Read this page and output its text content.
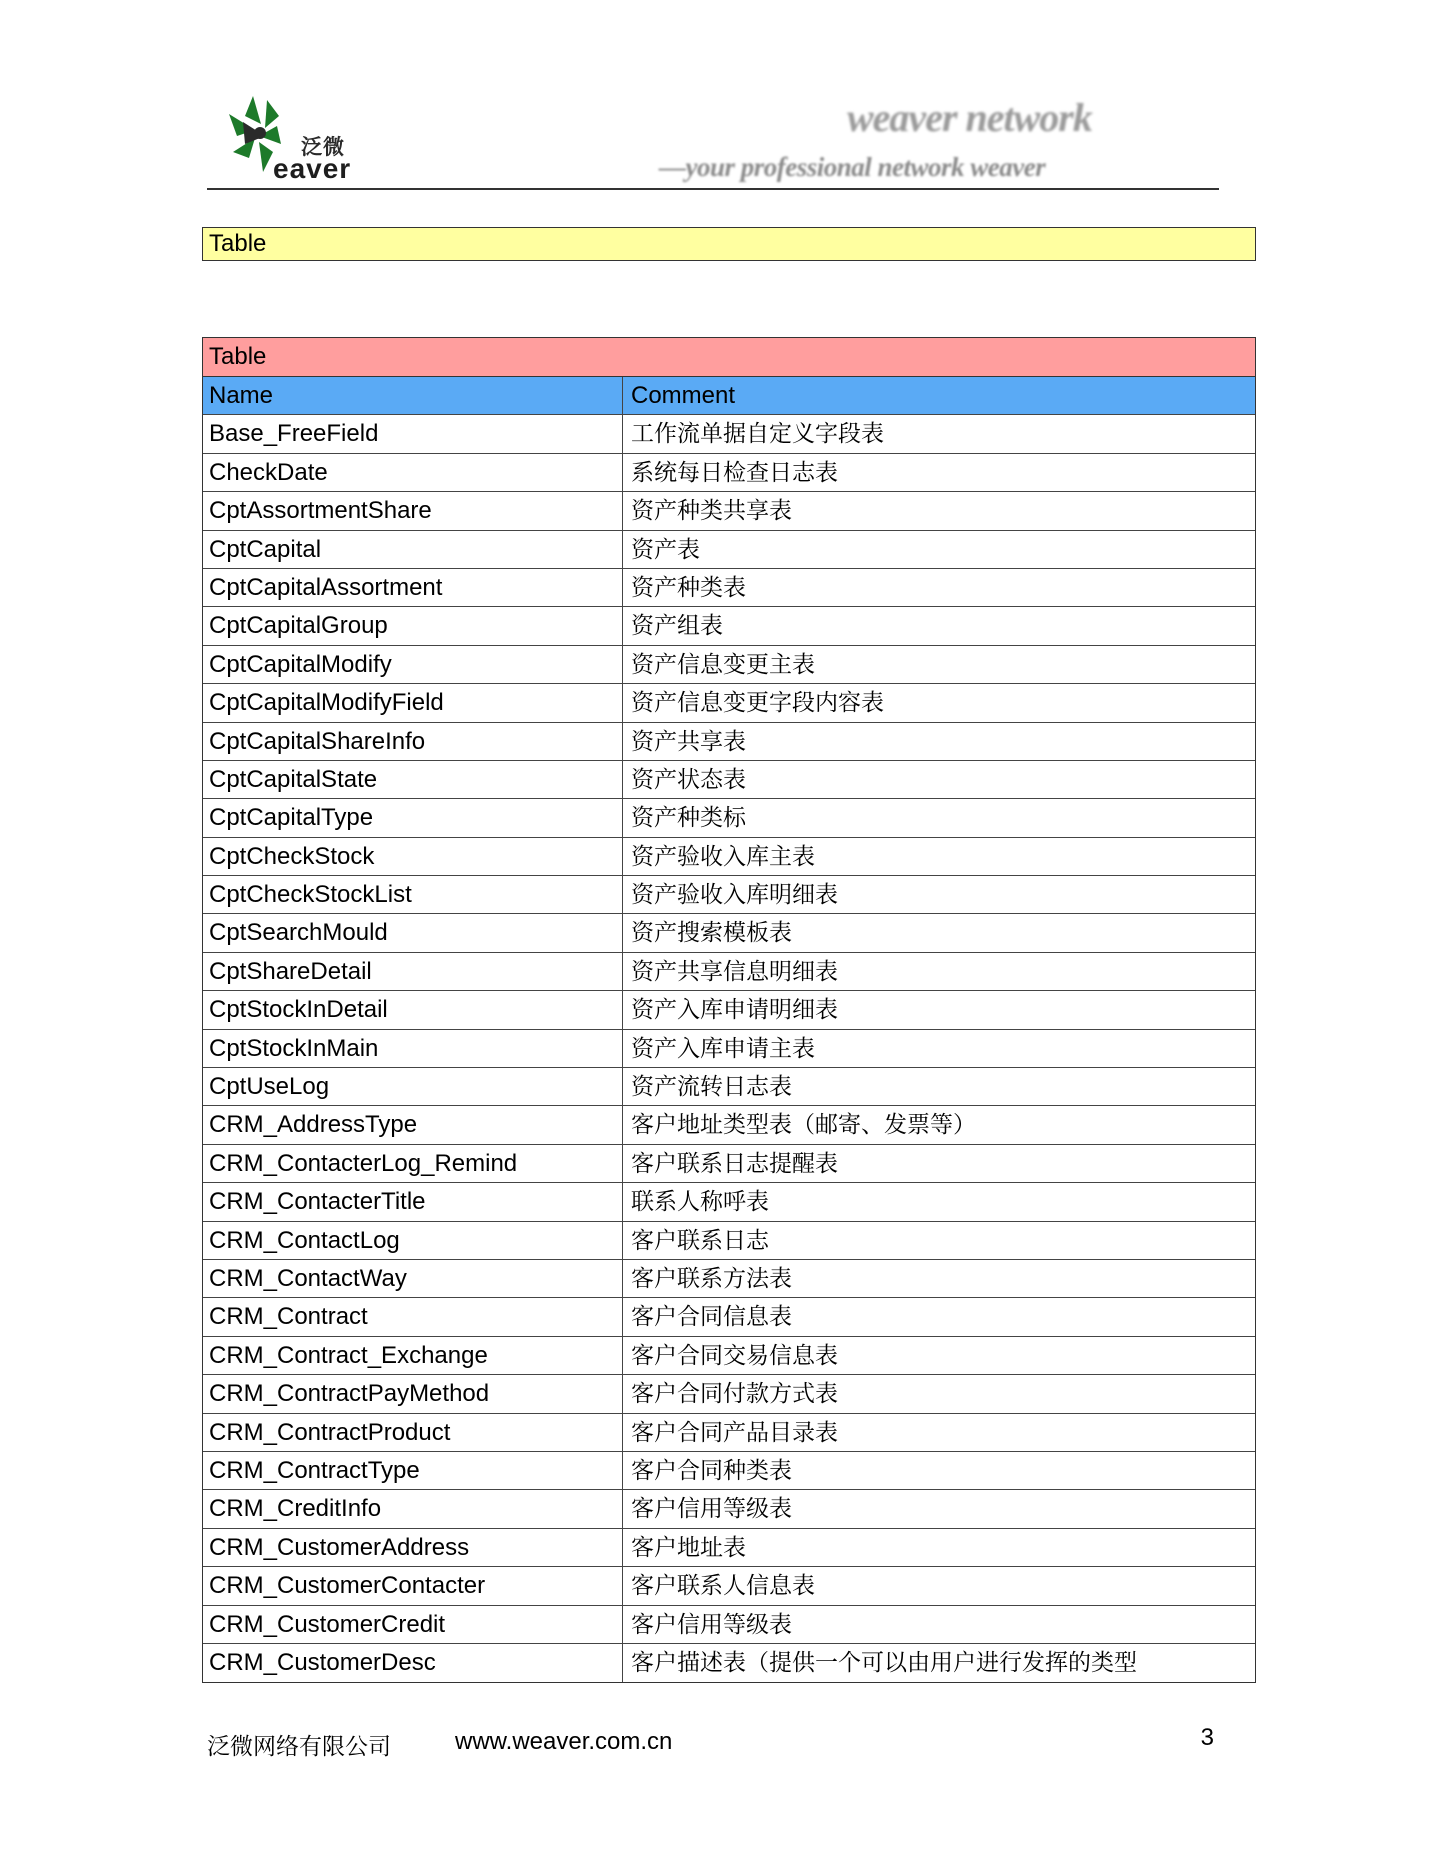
泛微
eaver
weaver network
—your professional network weaver
Table
Table
Name	Comment
Base_FreeField	工作流单据自定义字段表
CheckDate	系统每日检查日志表
CptAssortmentShare	资产种类共享表
CptCapital	资产表
CptCapitalAssortment	资产种类表
CptCapitalGroup	资产组表
CptCapitalModify	资产信息变更主表
CptCapitalModifyField	资产信息变更字段内容表
CptCapitalShareInfo	资产共享表
CptCapitalState	资产状态表
CptCapitalType	资产种类标
CptCheckStock	资产验收入库主表
CptCheckStockList	资产验收入库明细表
CptSearchMould	资产搜索模板表
CptShareDetail	资产共享信息明细表
CptStockInDetail	资产入库申请明细表
CptStockInMain	资产入库申请主表
CptUseLog	资产流转日志表
CRM_AddressType	客户地址类型表（邮寄、发票等）
CRM_ContacterLog_Remind	客户联系日志提醒表
CRM_ContacterTitle	联系人称呼表
CRM_ContactLog	客户联系日志
CRM_ContactWay	客户联系方法表
CRM_Contract	客户合同信息表
CRM_Contract_Exchange	客户合同交易信息表
CRM_ContractPayMethod	客户合同付款方式表
CRM_ContractProduct	客户合同产品目录表
CRM_ContractType	客户合同种类表
CRM_CreditInfo	客户信用等级表
CRM_CustomerAddress	客户地址表
CRM_CustomerContacter	客户联系人信息表
CRM_CustomerCredit	客户信用等级表
CRM_CustomerDesc	客户描述表（提供一个可以由用户进行发挥的类型
泛微网络有限公司	www.weaver.com.cn	3
